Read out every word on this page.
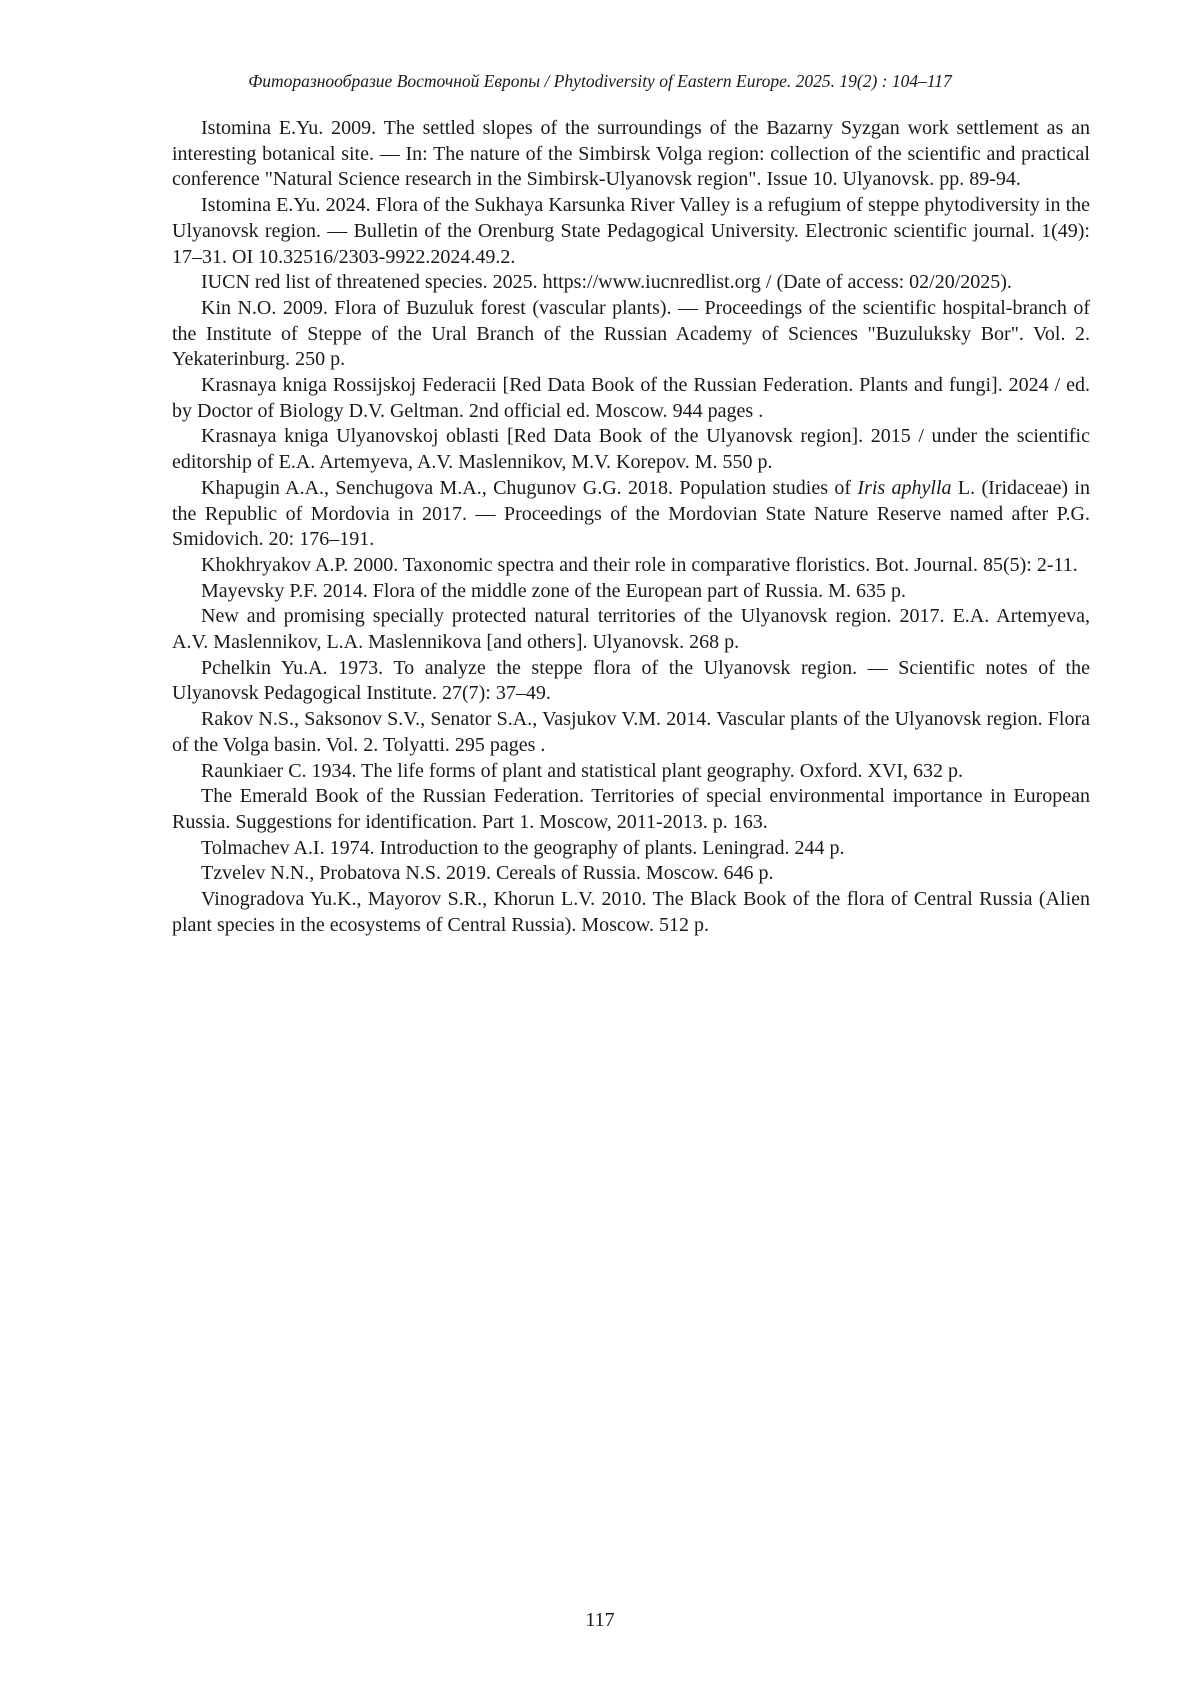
Фиторазнообразие Восточной Европы / Phytodiversity of Eastern Europe. 2025. 19(2) : 104–117

Istomina E.Yu. 2009. The settled slopes of the surroundings of the Bazarny Syzgan work settlement as an interesting botanical site. — In: The nature of the Simbirsk Volga region: collection of the scientific and practical conference "Natural Science research in the Simbirsk-Ulyanovsk region". Issue 10. Ulyanovsk. pp. 89-94.

Istomina E.Yu. 2024. Flora of the Sukhaya Karsunka River Valley is a refugium of steppe phytodiversity in the Ulyanovsk region. — Bulletin of the Orenburg State Pedagogical University. Electronic scientific journal. 1(49): 17–31. OI 10.32516/2303-9922.2024.49.2.

IUCN red list of threatened species. 2025. https://www.iucnredlist.org / (Date of access: 02/20/2025).

Kin N.O. 2009. Flora of Buzuluk forest (vascular plants). — Proceedings of the scientific hospital-branch of the Institute of Steppe of the Ural Branch of the Russian Academy of Sciences "Buzuluksky Bor". Vol. 2. Yekaterinburg. 250 p.

Krasnaya kniga Rossijskoj Federacii [Red Data Book of the Russian Federation. Plants and fungi]. 2024 / ed. by Doctor of Biology D.V. Geltman. 2nd official ed. Moscow. 944 pages .

Krasnaya kniga Ulyanovskoj oblasti [Red Data Book of the Ulyanovsk region]. 2015 / under the scientific editorship of E.A. Artemyeva, A.V. Maslennikov, M.V. Korepov. M. 550 p.

Khapugin A.A., Senchugova M.A., Chugunov G.G. 2018. Population studies of Iris aphylla L. (Iridaceae) in the Republic of Mordovia in 2017. — Proceedings of the Mordovian State Nature Reserve named after P.G. Smidovich. 20: 176–191.

Khokhryakov A.P. 2000. Taxonomic spectra and their role in comparative floristics. Bot. Journal. 85(5): 2-11.

Mayevsky P.F. 2014. Flora of the middle zone of the European part of Russia. M. 635 p.

New and promising specially protected natural territories of the Ulyanovsk region. 2017. E.A. Artemyeva, A.V. Maslennikov, L.A. Maslennikova [and others]. Ulyanovsk. 268 p.

Pchelkin Yu.A. 1973. To analyze the steppe flora of the Ulyanovsk region. — Scientific notes of the Ulyanovsk Pedagogical Institute. 27(7): 37–49.

Rakov N.S., Saksonov S.V., Senator S.A., Vasjukov V.M. 2014. Vascular plants of the Ulyanovsk region. Flora of the Volga basin. Vol. 2. Tolyatti. 295 pages .

Raunkiaer C. 1934. The life forms of plant and statistical plant geography. Oxford. XVI, 632 p.

The Emerald Book of the Russian Federation. Territories of special environmental importance in European Russia. Suggestions for identification. Part 1. Moscow, 2011-2013. p. 163.

Tolmachev A.I. 1974. Introduction to the geography of plants. Leningrad. 244 p.

Tzvelev N.N., Probatova N.S. 2019. Cereals of Russia. Moscow. 646 p.

Vinogradova Yu.K., Mayorov S.R., Khorun L.V. 2010. The Black Book of the flora of Central Russia (Alien plant species in the ecosystems of Central Russia). Moscow. 512 p.

117
